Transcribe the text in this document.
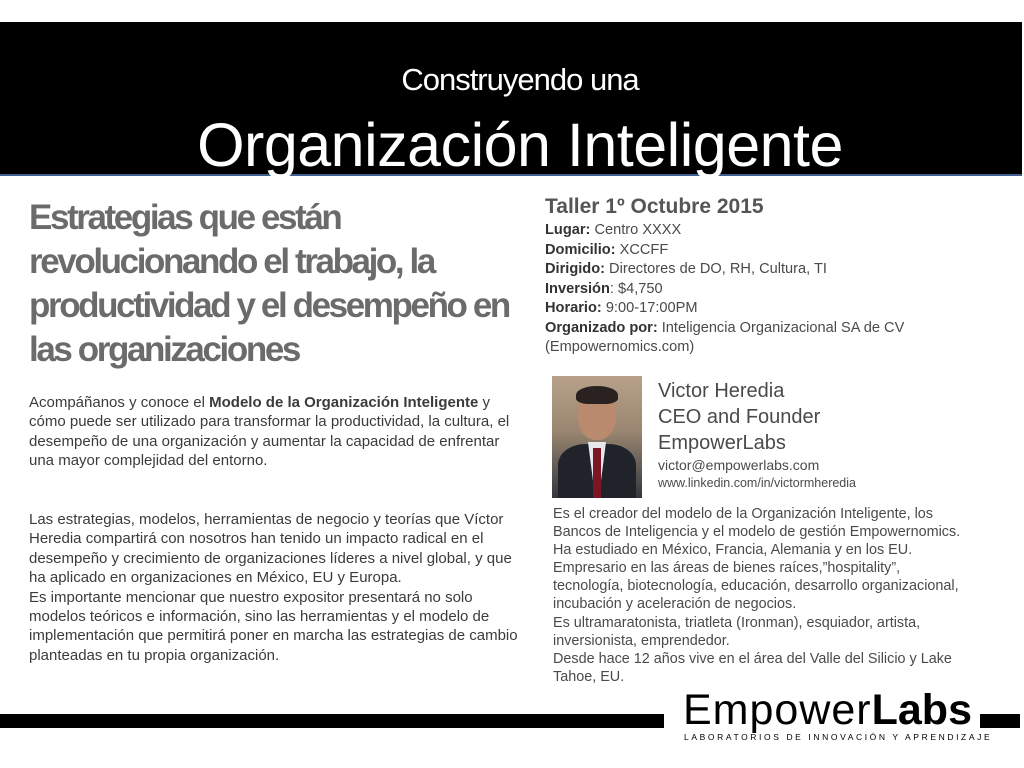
Construyendo una
Organización Inteligente
Estrategias que están revolucionando el trabajo, la productividad y el desempeño en las organizaciones
Acompáñanos y conoce el Modelo de la Organización Inteligente y cómo puede ser utilizado para transformar la productividad, la cultura, el desempeño de una organización y aumentar la capacidad de enfrentar una mayor complejidad del entorno.
Las estrategias, modelos, herramientas de negocio y teorías que Víctor Heredia compartirá con nosotros han tenido un impacto radical en el desempeño y crecimiento de organizaciones líderes a nivel global, y que ha aplicado en organizaciones en México, EU y Europa.
Es importante mencionar que nuestro expositor presentará no solo modelos teóricos e información, sino las herramientas y el modelo de implementación que permitirá poner en marcha las estrategias de cambio planteadas en tu propia organización.
Taller 1º Octubre 2015
Lugar: Centro XXXX
Domicilio: XCCFF
Dirigido: Directores de DO, RH, Cultura, TI
Inversión: $4,750
Horario: 9:00-17:00PM
Organizado por: Inteligencia Organizacional SA de CV (Empowernomics.com)
Victor Heredia
CEO and Founder
EmpowerLabs
victor@empowerlabs.com
www.linkedin.com/in/victormheredia
Es el creador del modelo de la Organización Inteligente, los
Bancos de Inteligencia y el modelo de gestión Empowernomics.
Ha estudiado en México, Francia, Alemania y en los EU.
Empresario en las áreas de bienes raíces,”hospitality”,
tecnología, biotecnología, educación, desarrollo organizacional,
incubación y aceleración de negocios.
Es ultramaratonista, triatleta (Ironman), esquiador, artista,
inversionista, emprendedor.
Desde hace 12 años vive en el área del Valle del Silicio y Lake
Tahoe, EU.
EmpowerLabs
LABORATORIOS DE INNOVACIÓN Y APRENDIZAJE
